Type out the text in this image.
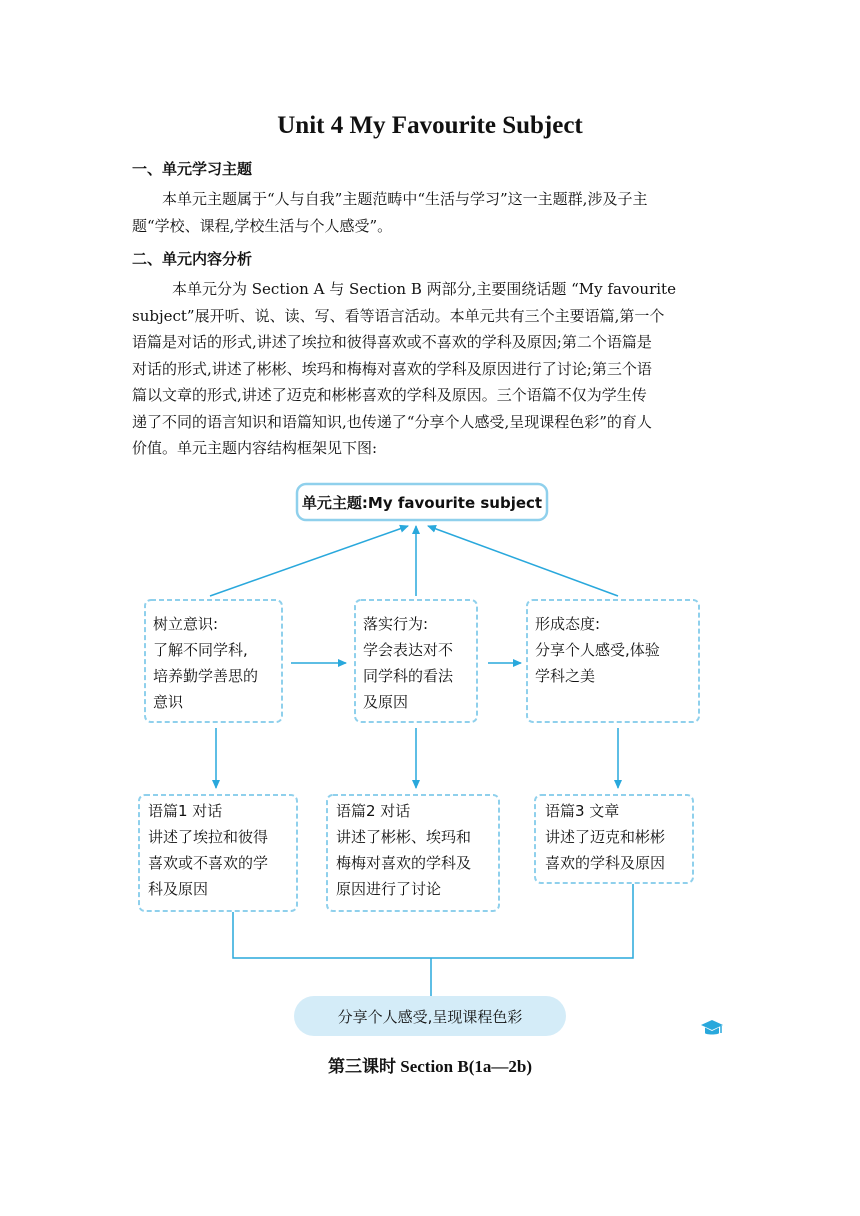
Unit 4 My Favourite Subject
一、单元学习主题
本单元主题属于“人与自我”主题范畴中“生活与学习”这一主题群,涉及子主
题“学校、课程,学校生活与个人感受”。
二、单元内容分析
本单元分为 Section A 与 Section B 两部分,主要围绕话题 “My favourite
subject”展开听、说、读、写、看等语言活动。本单元共有三个主要语篇,第一个
语篇是对话的形式,讲述了埃拉和彼得喜欢或不喜欢的学科及原因;第二个语篇是
对话的形式,讲述了彬彬、埃玛和梅梅对喜欢的学科及原因进行了讨论;第三个语
篇以文章的形式,讲述了迈克和彬彬喜欢的学科及原因。三个语篇不仅为学生传
递了不同的语言知识和语篇知识,也传递了“分享个人感受,呈现课程色彩”的育人
价值。单元主题内容结构框架见下图:
单元主题:My favourite subject
树立意识:
了解不同学科,
培养勤学善思的
意识
落实行为:
学会表达对不
同学科的看法
及原因
形成态度:
分享个人感受,体验
学科之美
语篇1 对话
讲述了埃拉和彼得
喜欢或不喜欢的学
科及原因
语篇2 对话
讲述了彬彬、埃玛和
梅梅对喜欢的学科及
原因进行了讨论
语篇3 文章
讲述了迈克和彬彬
喜欢的学科及原因
分享个人感受,呈现课程色彩
第三课时 Section B(1a—2b)
